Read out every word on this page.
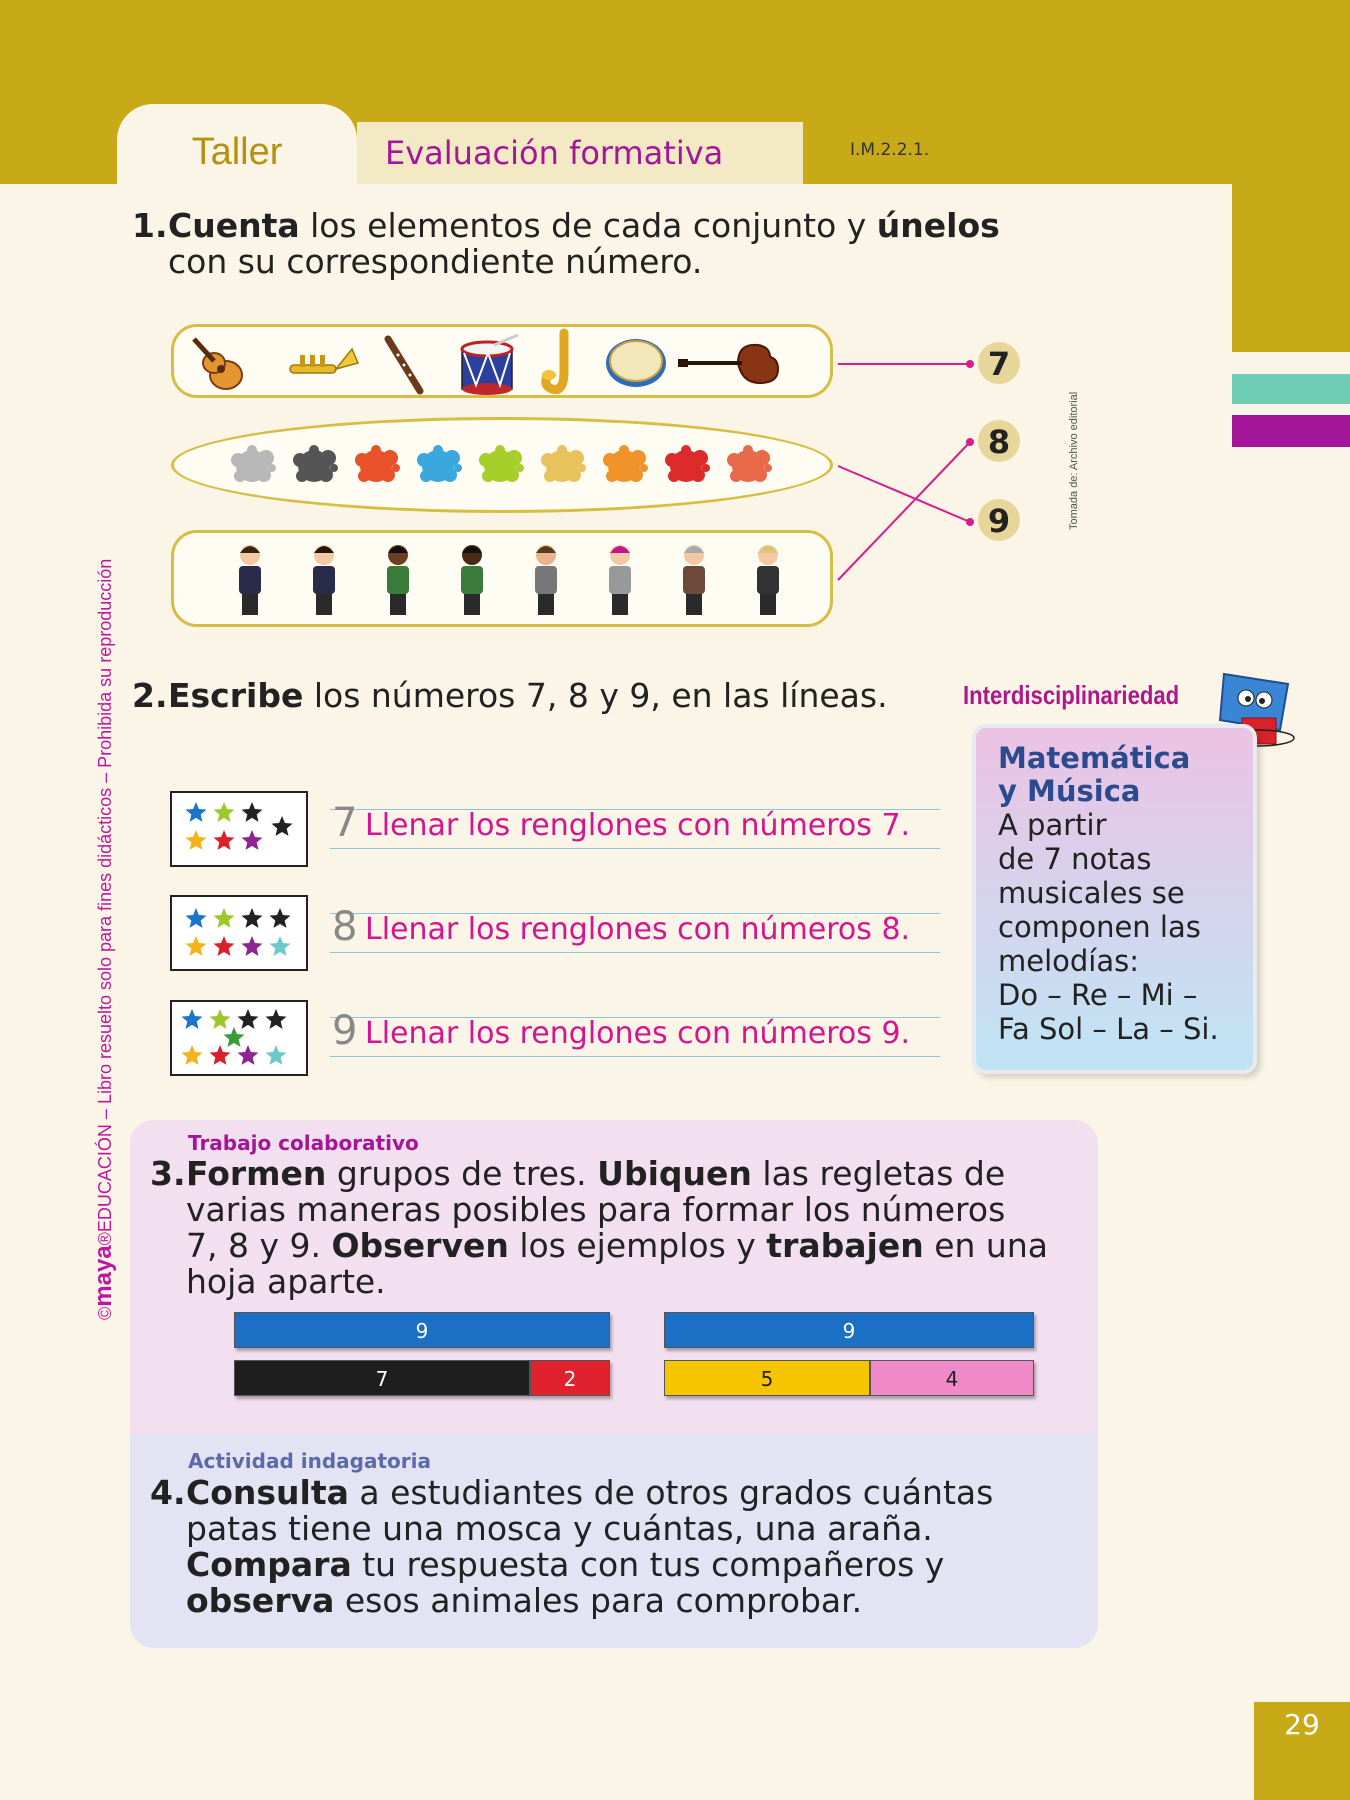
Taller	Evaluación formativa	I.M.2.2.1.
©maya®EDUCACIÓN – Libro resuelto solo para fines didácticos – Prohibida su reproducción
Tomada de: Archivo editorial
1.Cuenta los elementos de cada conjunto y únelos
con su correspondiente número.
7
8
9
2.Escribe los números 7, 8 y 9, en las líneas.
7 Llenar los renglones con números 7.
8 Llenar los renglones con números 8.
9 Llenar los renglones con números 9.
Interdisciplinariedad
Matemática
y Música
A partir
de 7 notas
musicales se
componen las
melodías:
Do – Re – Mi –
Fa Sol – La – Si.
Trabajo colaborativo
3.Formen grupos de tres. Ubiquen las regletas de
varias maneras posibles para formar los números
7, 8 y 9. Observen los ejemplos y trabajen en una
hoja aparte.
9
7	2
9
5	4
Actividad indagatoria
4.Consulta a estudiantes de otros grados cuántas
patas tiene una mosca y cuántas, una araña.
Compara tu respuesta con tus compañeros y
observa esos animales para comprobar.
29
